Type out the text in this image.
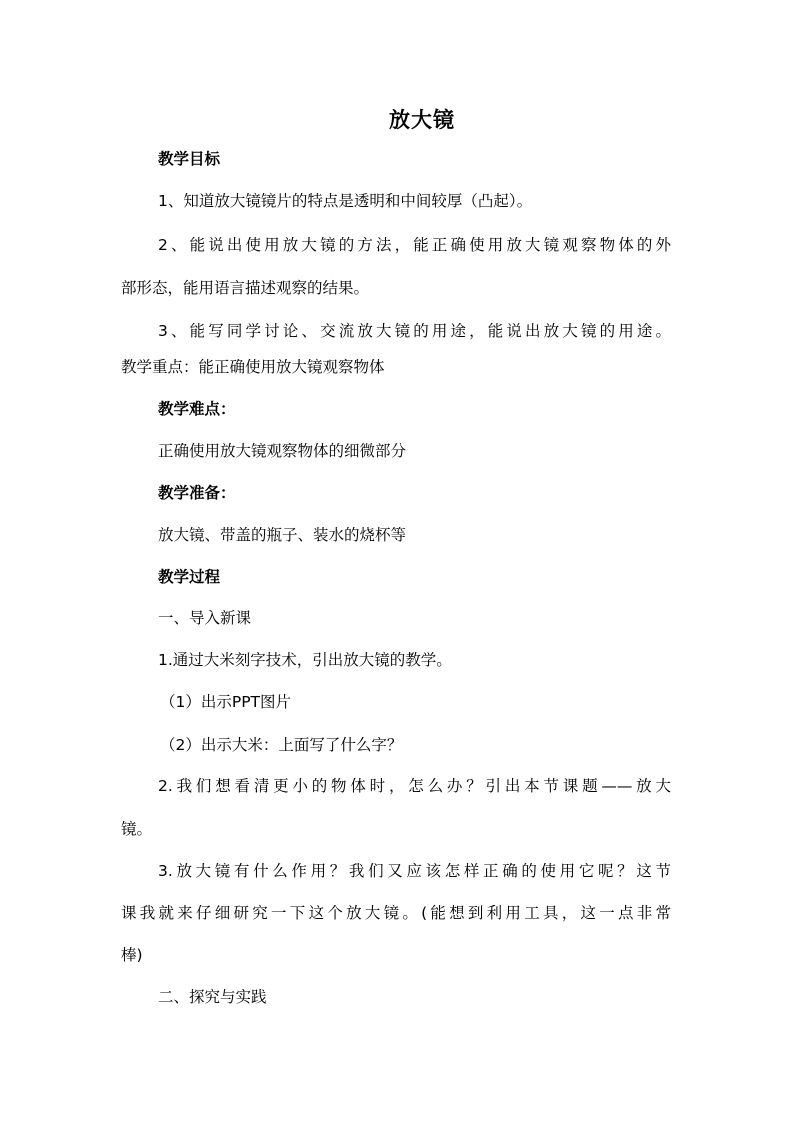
放大镜
教学目标
1、知道放大镜镜片的特点是透明和中间较厚（凸起）。
2、能说出使用放大镜的方法，能正确使用放大镜观察物体的外
部形态，能用语言描述观察的结果。
3、能写同学讨论、交流放大镜的用途，能说出放大镜的用途。
教学重点：能正确使用放大镜观察物体
教学难点：
正确使用放大镜观察物体的细微部分
教学准备：
放大镜、带盖的瓶子、装水的烧杯等
教学过程
一、导入新课
1.通过大米刻字技术，引出放大镜的教学。
（1）出示PPT图片
（2）出示大米：上面写了什么字？
2.我们想看清更小的物体时，怎么办？引出本节课题——放大
镜。
3.放大镜有什么作用？我们又应该怎样正确的使用它呢？这节
课我就来仔细研究一下这个放大镜。(能想到利用工具，这一点非常
棒)
二、探究与实践
